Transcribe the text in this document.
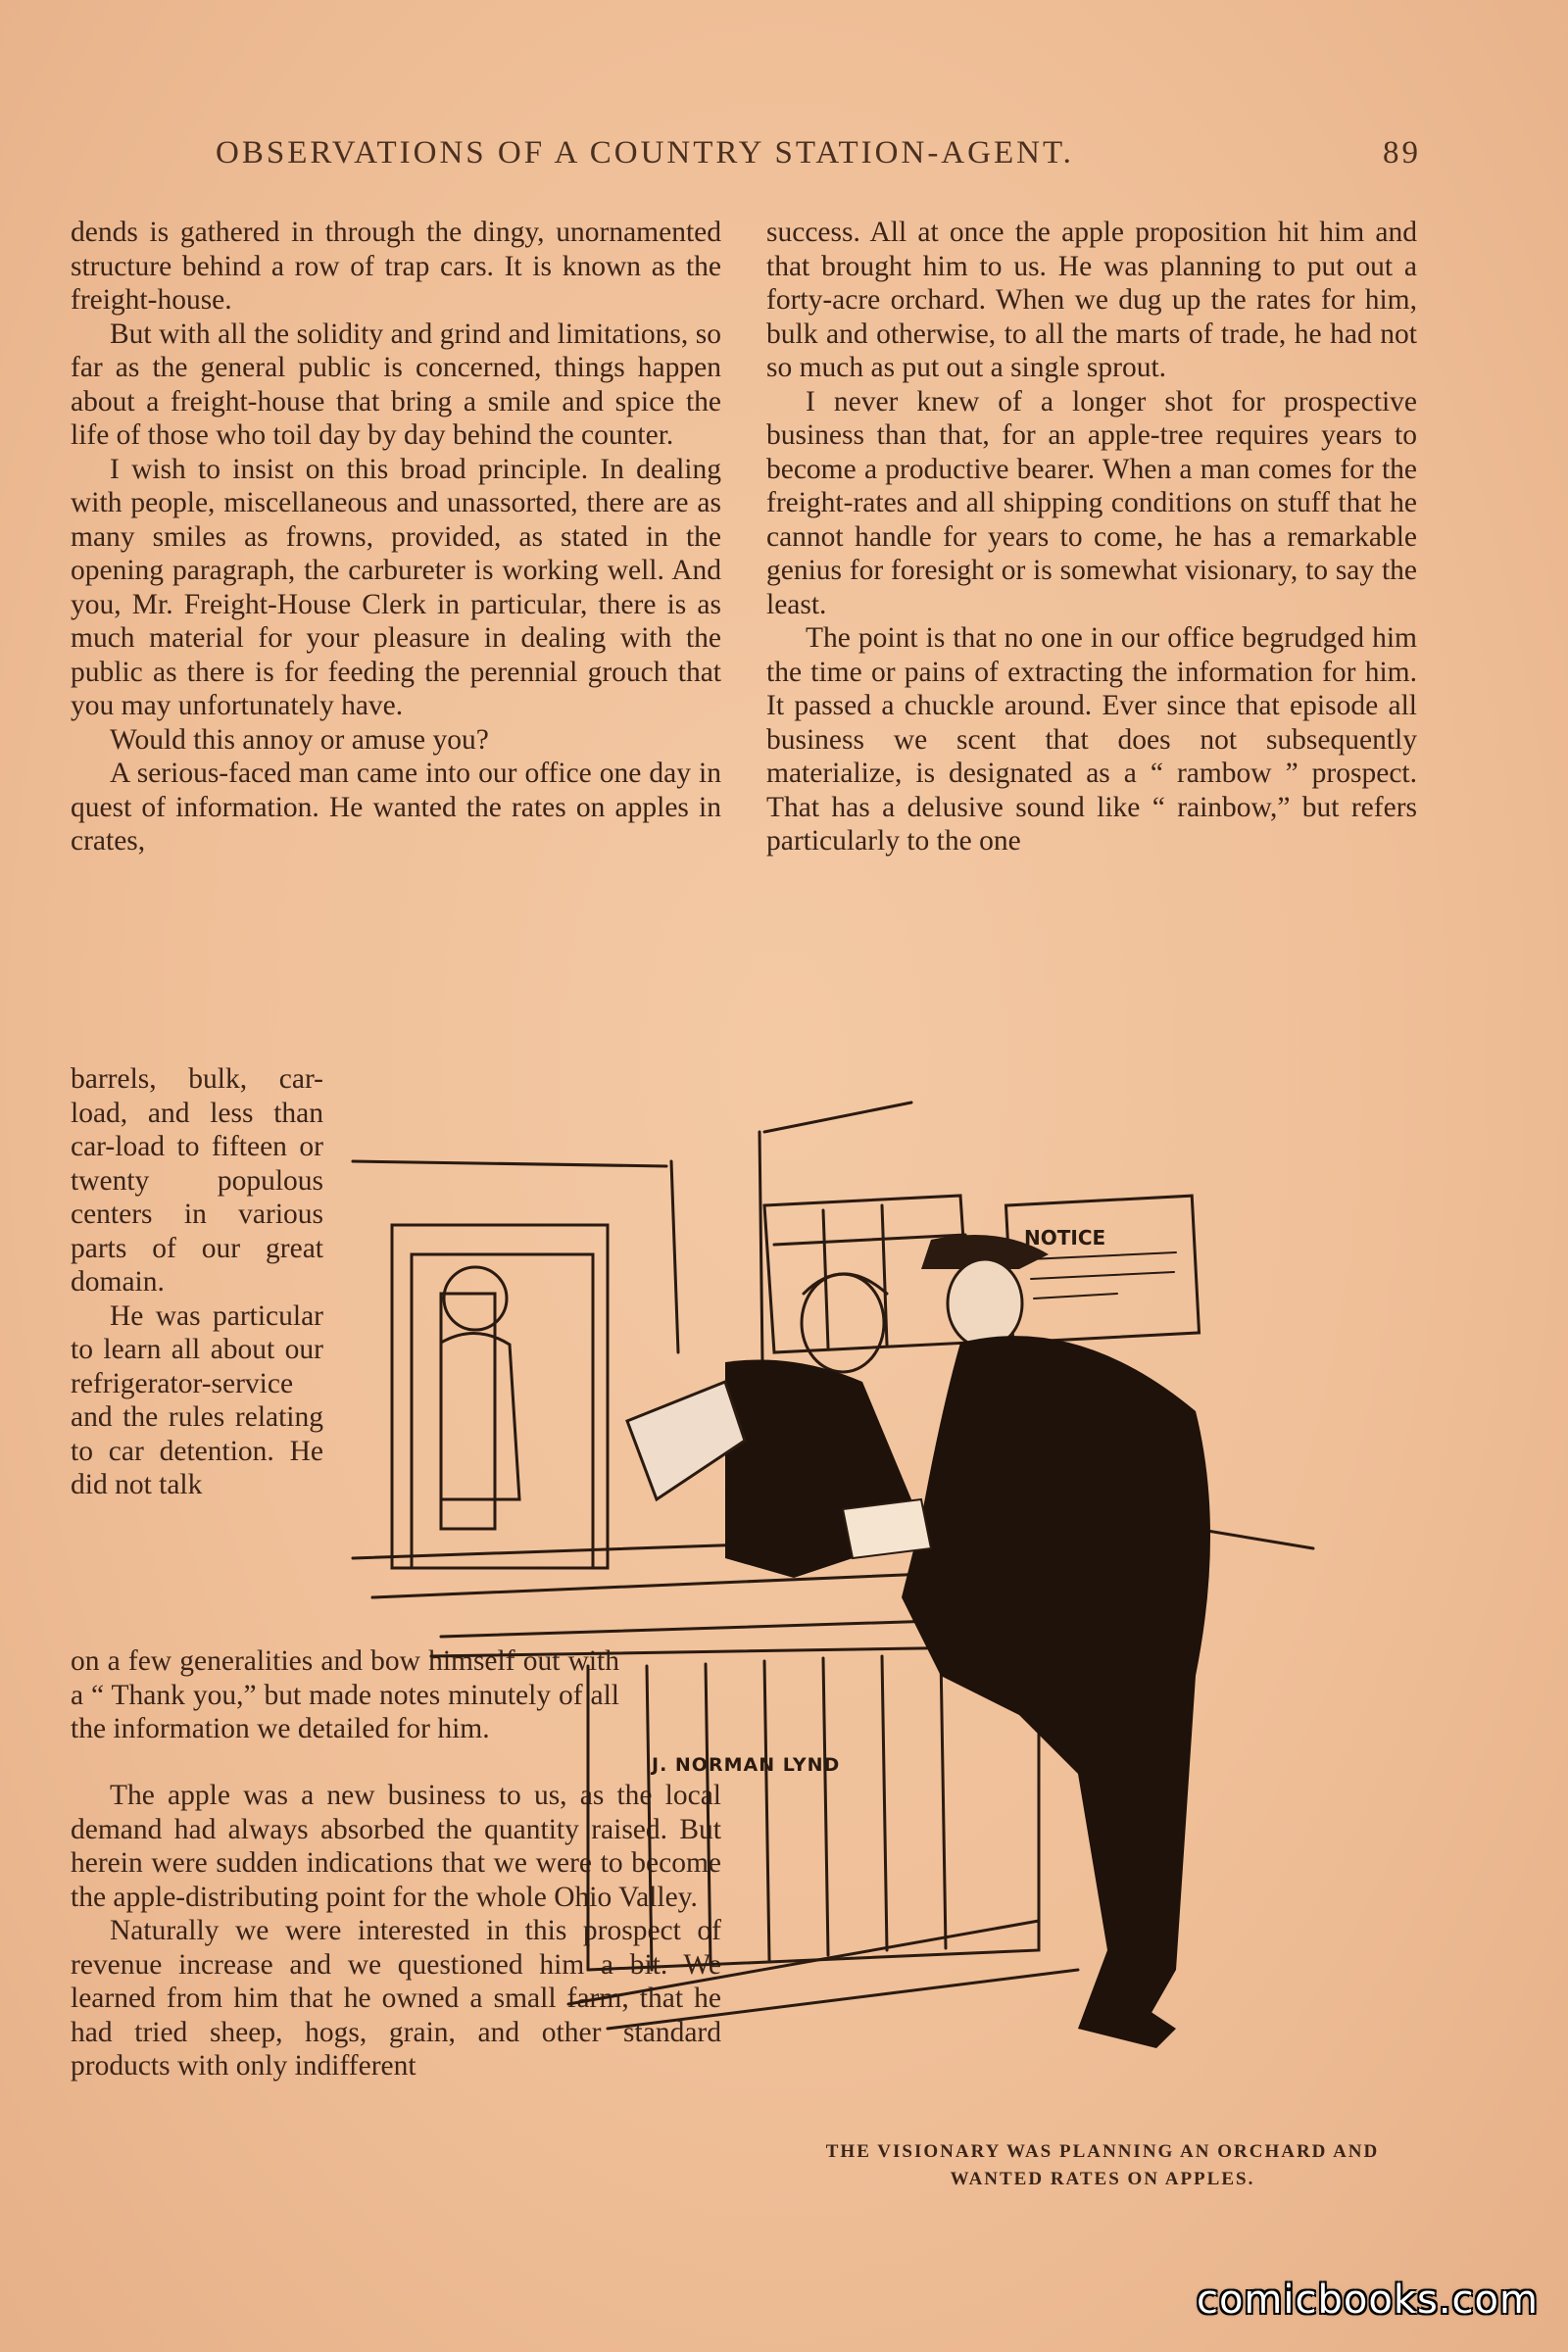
OBSERVATIONS OF A COUNTRY STATION-AGENT.	89

dends is gathered in through the dingy, unornamented structure behind a row of trap cars. It is known as the freight-house.

But with all the solidity and grind and limitations, so far as the general public is concerned, things happen about a freight-house that bring a smile and spice the life of those who toil day by day behind the counter.

I wish to insist on this broad principle. In dealing with people, miscellaneous and unassorted, there are as many smiles as frowns, provided, as stated in the opening paragraph, the carbureter is working well. And you, Mr. Freight-House Clerk in particular, there is as much material for your pleasure in dealing with the public as there is for feeding the perennial grouch that you may unfortunately have.

Would this annoy or amuse you?

A serious-faced man came into our office one day in quest of information. He wanted the rates on apples in crates,

barrels, bulk, car-load, and less than car-load to fifteen or twenty populous centers in various parts of our great domain.

He was particular to learn all about our refrigerator-service and the rules relating to car detention. He did not talk

on a few generalities and bow himself out with a “ Thank you,” but made notes minutely of all the information we detailed for him.

The apple was a new business to us, as the local demand had always absorbed the quantity raised. But herein were sudden indications that we were to become the apple-distributing point for the whole Ohio Valley.

Naturally we were interested in this prospect of revenue increase and we questioned him a bit. We learned from him that he owned a small farm, that he had tried sheep, hogs, grain, and other standard products with only indifferent

success. All at once the apple proposition hit him and that brought him to us. He was planning to put out a forty-acre orchard. When we dug up the rates for him, bulk and otherwise, to all the marts of trade, he had not so much as put out a single sprout.

I never knew of a longer shot for prospective business than that, for an apple-tree requires years to become a productive bearer. When a man comes for the freight-rates and all shipping conditions on stuff that he cannot handle for years to come, he has a remarkable genius for foresight or is somewhat visionary, to say the least.

The point is that no one in our office begrudged him the time or pains of extracting the information for him. It passed a chuckle around. Ever since that episode all business we scent that does not subsequently materialize, is designated as a “ rambow ” prospect. That has a delusive sound like “ rainbow,” but refers particularly to the one

NOTICE
J. NORMAN LYND
THE VISIONARY WAS PLANNING AN ORCHARD AND
WANTED RATES ON APPLES.
comicbooks.com
